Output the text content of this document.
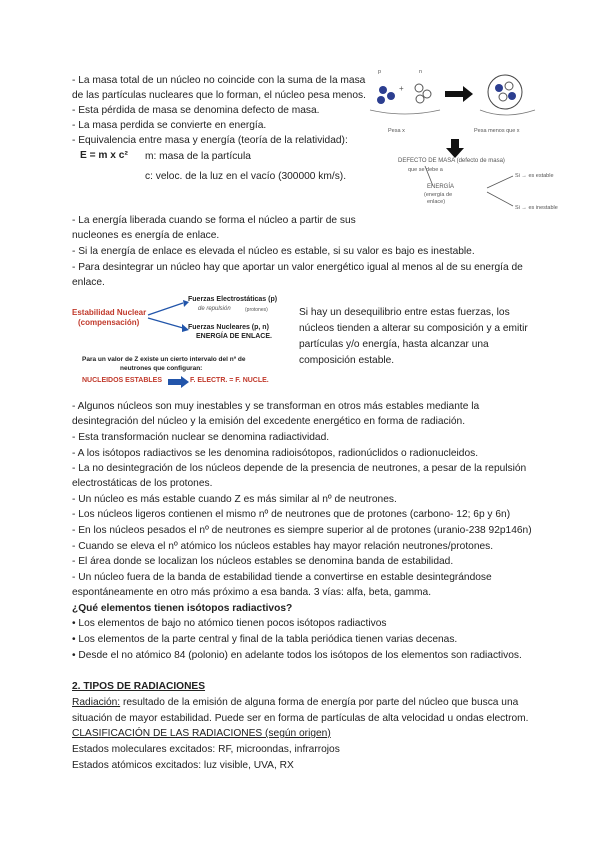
- La masa total de un núcleo no coincide con la suma de la masa
de las partículas nucleares que lo forman, el núcleo pesa menos.
- Esta pérdida de masa se denomina defecto de masa.
- La masa perdida se convierte en energía.
- Equivalencia entre masa y energía (teoría de la relatividad):
E = m x c² m: masa de la partícula
c: veloc. de la luz en el vacío (300000 km/s).
p	n
+
Pesa x	Pesa menos que x
DEFECTO DE MASA (defecto de masa)
que se debe a
ENERGÍA
(energía de
enlace)
Si → es estable
Si → es inestable
- La energía liberada cuando se forma el núcleo a partir de sus
nucleones es energía de enlace.
- Si la energía de enlace es elevada el núcleo es estable, si su valor es bajo es inestable.
- Para desintegrar un núcleo hay que aportar un valor energético igual al menos al de su energía de
enlace.
Estabilidad Nuclear
(compensación)
Fuerzas Electrostáticas (p)
de repulsión	(protones)
Fuerzas Nucleares (p, n)
ENERGÍA DE ENLACE.
Para un valor de Z existe un cierto intervalo del nº de
neutrones que configuran:
NUCLEIDOS ESTABLES	F. ELECTR. = F. NUCLE.
Si hay un desequilibrio entre estas fuerzas, los
núcleos tienden a alterar su composición y a emitir
partículas y/o energía, hasta alcanzar una
composición estable.
- Algunos núcleos son muy inestables y se transforman en otros más estables mediante la
desintegración del núcleo y la emisión del excedente energético en forma de radiación.
- Esta transformación nuclear se denomina radiactividad.
- A los isótopos radiactivos se les denomina radioisótopos, radionúclidos o radionucleidos.
- La no desintegración de los núcleos depende de la presencia de neutrones, a pesar de la repulsión
electrostáticas de los protones.
- Un núcleo es más estable cuando Z es más similar al nº de neutrones.
- Los núcleos ligeros contienen el mismo nº de neutrones que de protones (carbono- 12; 6p y 6n)
- En los núcleos pesados el nº de neutrones es siempre superior al de protones (uranio-238 92p146n)
- Cuando se eleva el nº atómico los núcleos estables hay mayor relación neutrones/protones.
- El área donde se localizan los núcleos estables se denomina banda de estabilidad.
- Un núcleo fuera de la banda de estabilidad tiende a convertirse en estable desintegrándose
espontáneamente en otro más próximo a esa banda. 3 vías: alfa, beta, gamma.
¿Qué elementos tienen isótopos radiactivos?
• Los elementos de bajo no atómico tienen pocos isótopos radiactivos
• Los elementos de la parte central y final de la tabla periódica tienen varias decenas.
• Desde el no atómico 84 (polonio) en adelante todos los isótopos de los elementos son radiactivos.
2. TIPOS DE RADIACIONES
Radiación: resultado de la emisión de alguna forma de energía por parte del núcleo que busca una
situación de mayor estabilidad. Puede ser en forma de partículas de alta velocidad u ondas electrom.
CLASIFICACIÓN DE LAS RADIACIONES (según origen)
Estados moleculares excitados: RF, microondas, infrarrojos
Estados atómicos excitados: luz visible, UVA, RX
